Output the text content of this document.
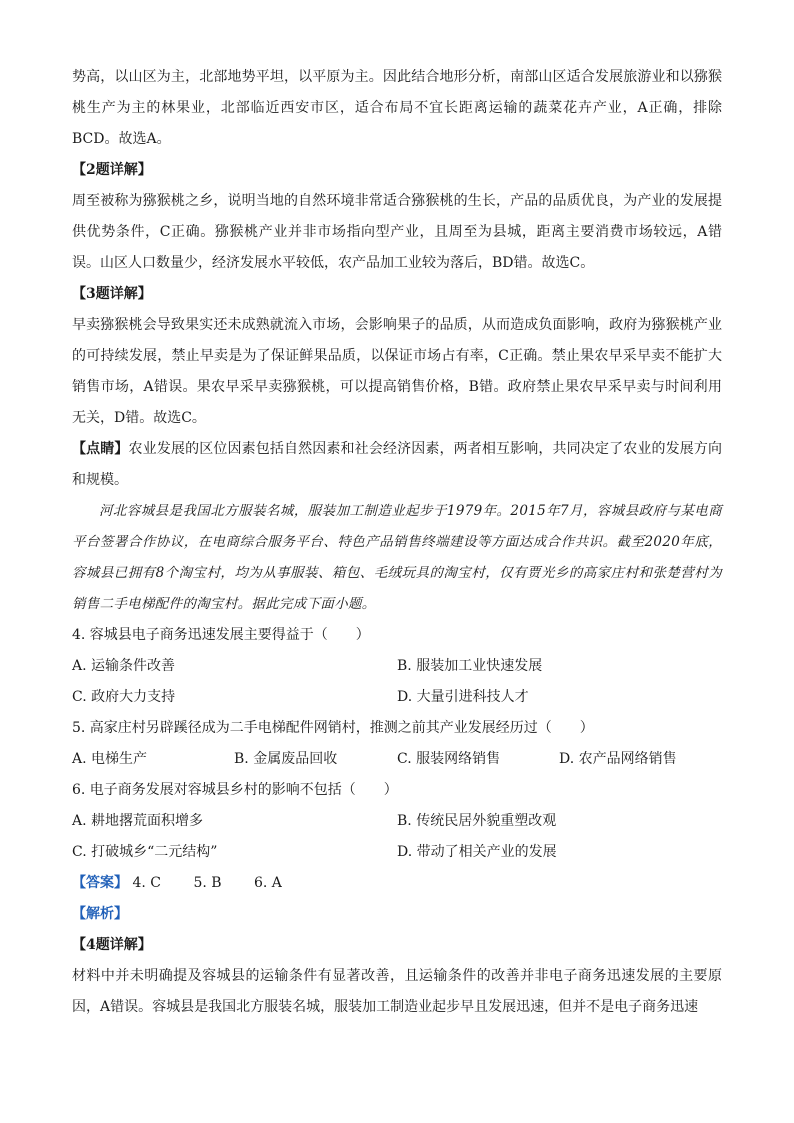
势高，以山区为主，北部地势平坦，以平原为主。因此结合地形分析，南部山区适合发展旅游业和以猕猴桃生产为主的林果业，北部临近西安市区，适合布局不宜长距离运输的蔬菜花卉产业，A正确，排除BCD。故选A。

【2题详解】

周至被称为猕猴桃之乡，说明当地的自然环境非常适合猕猴桃的生长，产品的品质优良，为产业的发展提供优势条件，C正确。猕猴桃产业并非市场指向型产业，且周至为县城，距离主要消费市场较远，A错误。山区人口数量少，经济发展水平较低，农产品加工业较为落后，BD错。故选C。

【3题详解】

早卖猕猴桃会导致果实还未成熟就流入市场，会影响果子的品质，从而造成负面影响，政府为猕猴桃产业的可持续发展，禁止早卖是为了保证鲜果品质，以保证市场占有率，C正确。禁止果农早采早卖不能扩大销售市场，A错误。果农早采早卖猕猴桃，可以提高销售价格，B错。政府禁止果农早采早卖与时间利用无关，D错。故选C。

【点睛】农业发展的区位因素包括自然因素和社会经济因素，两者相互影响，共同决定了农业的发展方向和规模。

河北容城县是我国北方服装名城，服装加工制造业起步于1979年。2015年7月，容城县政府与某电商平台签署合作协议，在电商综合服务平台、特色产品销售终端建设等方面达成合作共识。截至2020年底，容城县已拥有8个淘宝村，均为从事服装、箱包、毛绒玩具的淘宝村，仅有贾光乡的高家庄村和张楚营村为销售二手电梯配件的淘宝村。据此完成下面小题。

4. 容城县电子商务迅速发展主要得益于（　　）

A. 运输条件改善	B. 服装加工业快速发展
C. 政府大力支持	D. 大量引进科技人才

5. 高家庄村另辟蹊径成为二手电梯配件网销村，推测之前其产业发展经历过（　　）

A. 电梯生产	B. 金属废品回收	C. 服装网络销售	D. 农产品网络销售

6. 电子商务发展对容城县乡村的影响不包括（　　）

A. 耕地撂荒面积增多	B. 传统民居外貌重塑改观
C. 打破城乡“二元结构”	D. 带动了相关产业的发展

【答案】 4. C 5. B 6. A

【解析】

【4题详解】

材料中并未明确提及容城县的运输条件有显著改善，且运输条件的改善并非电子商务迅速发展的主要原因，A错误。容城县是我国北方服装名城，服装加工制造业起步早且发展迅速，但并不是电子商务迅速
